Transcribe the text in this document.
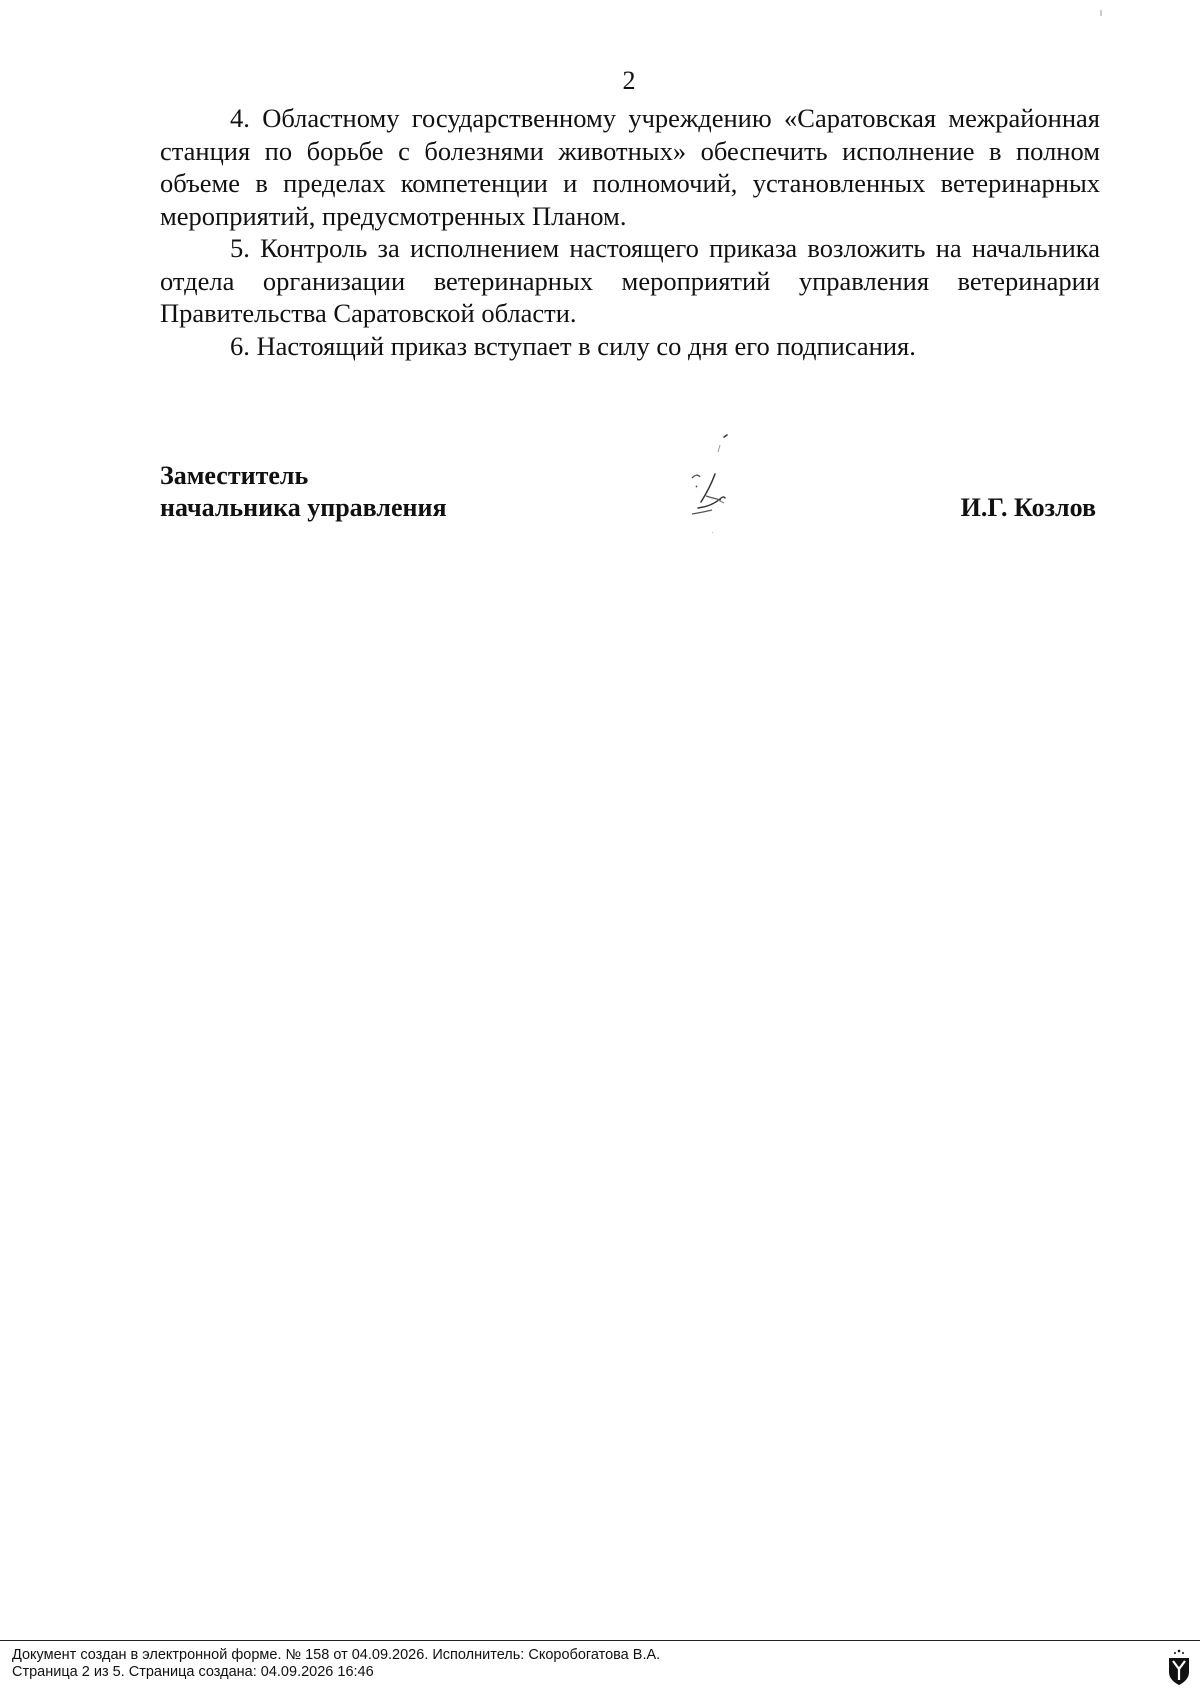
2

4. Областному государственному учреждению «Саратовская межрайонная станция по борьбе с болезнями животных» обеспечить исполнение в полном объеме в пределах компетенции и полномочий, установленных ветеринарных мероприятий, предусмотренных Планом.

5. Контроль за исполнением настоящего приказа возложить на начальника отдела организации ветеринарных мероприятий управления ветеринарии Правительства Саратовской области.

6. Настоящий приказ вступает в силу со дня его подписания.

Заместитель
начальника управления	И.Г. Козлов
Документ создан в электронной форме. № 158 от 04.09.2026. Исполнитель: Скоробогатова В.А.
Страница 2 из 5. Страница создана: 04.09.2026 16:46
